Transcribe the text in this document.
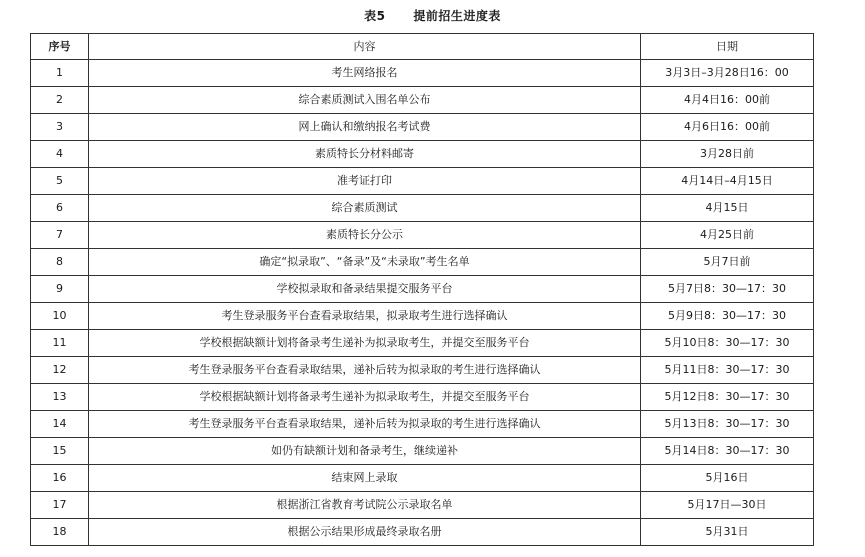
表5 提前招生进度表
序号	内容	日期
1	考生网络报名	3月3日–3月28日16：00
2	综合素质测试入围名单公布	4月4日16：00前
3	网上确认和缴纳报名考试费	4月6日16：00前
4	素质特长分材料邮寄	3月28日前
5	准考证打印	4月14日–4月15日
6	综合素质测试	4月15日
7	素质特长分公示	4月25日前
8	确定“拟录取”、“备录”及“未录取”考生名单	5月7日前
9	学校拟录取和备录结果提交服务平台	5月7日8：30—17：30
10	考生登录服务平台查看录取结果，拟录取考生进行选择确认	5月9日8：30—17：30
11	学校根据缺额计划将备录考生递补为拟录取考生，并提交至服务平台	5月10日8：30—17：30
12	考生登录服务平台查看录取结果，递补后转为拟录取的考生进行选择确认	5月11日8：30—17：30
13	学校根据缺额计划将备录考生递补为拟录取考生，并提交至服务平台	5月12日8：30—17：30
14	考生登录服务平台查看录取结果，递补后转为拟录取的考生进行选择确认	5月13日8：30—17：30
15	如仍有缺额计划和备录考生，继续递补	5月14日8：30—17：30
16	结束网上录取	5月16日
17	根据浙江省教育考试院公示录取名单	5月17日—30日
18	根据公示结果形成最终录取名册	5月31日
